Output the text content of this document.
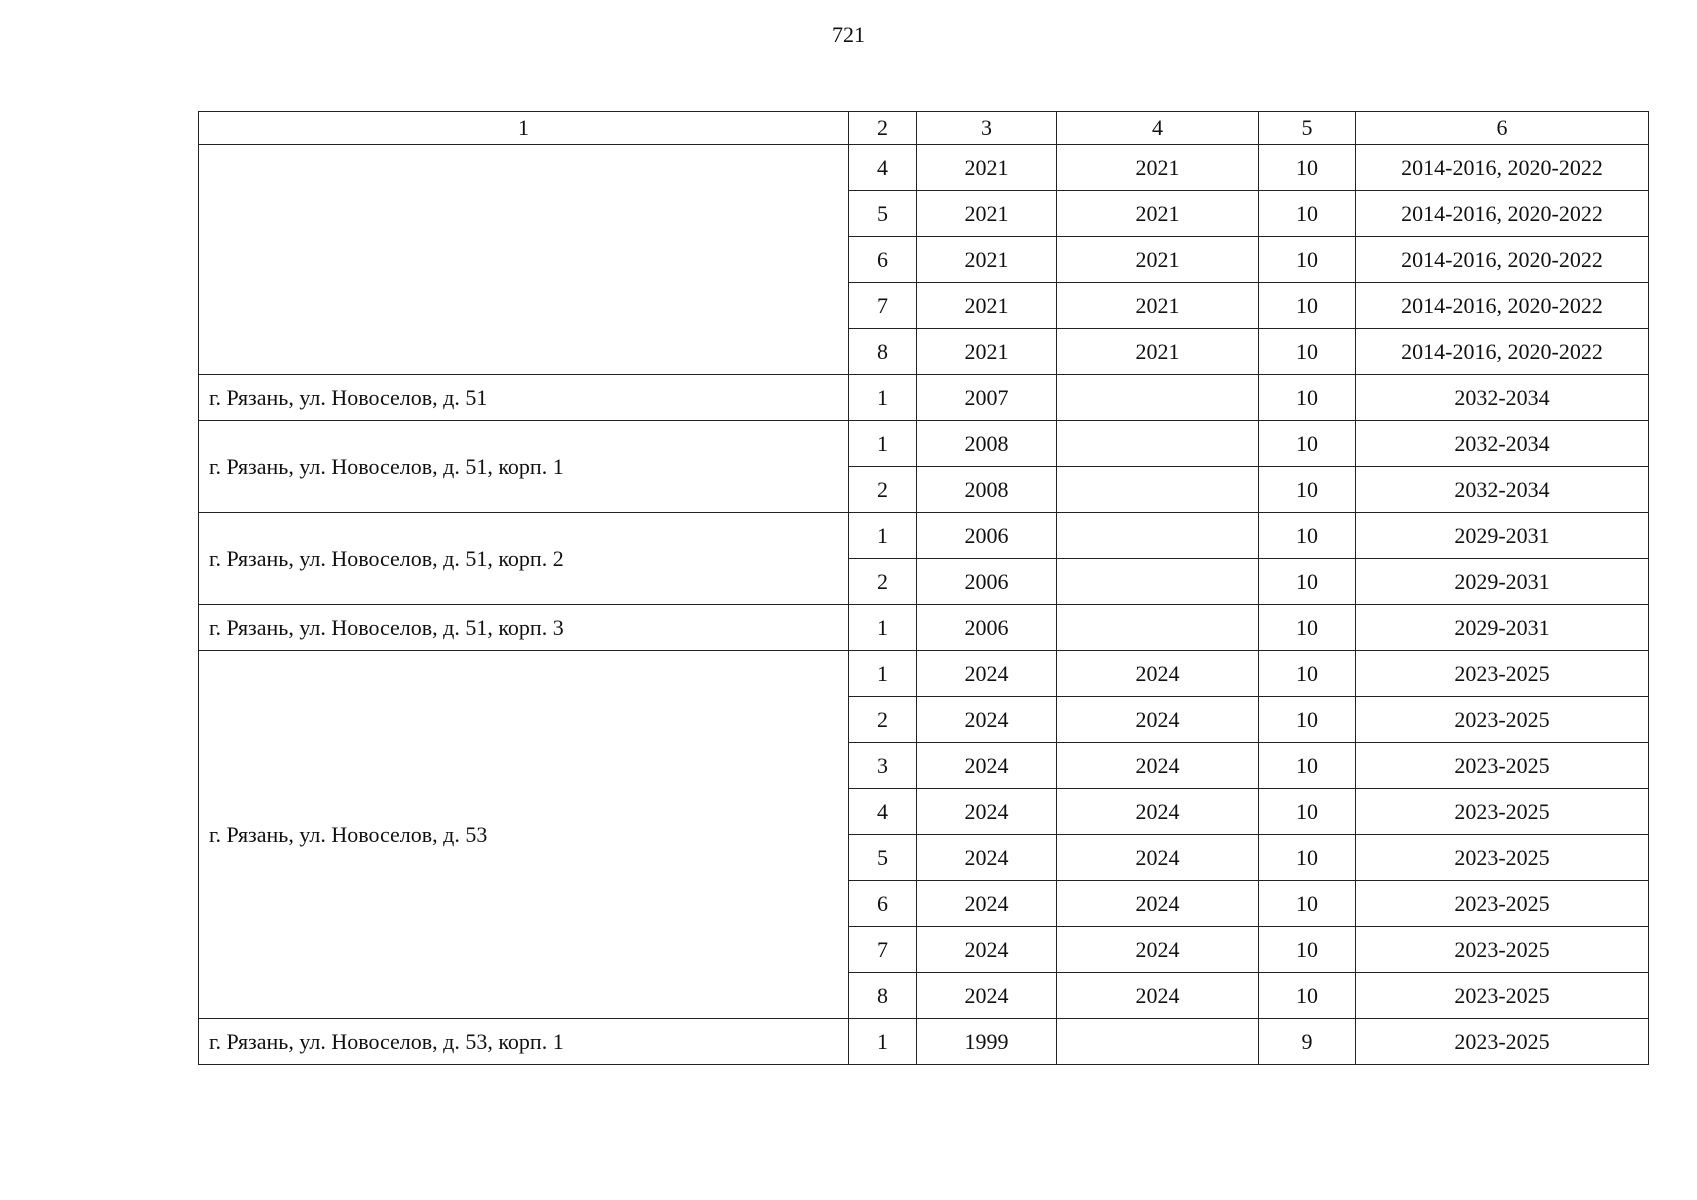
721
1	2	3	4	5	6
	4	2021	2021	10	2014-2016, 2020-2022
	5	2021	2021	10	2014-2016, 2020-2022
	6	2021	2021	10	2014-2016, 2020-2022
	7	2021	2021	10	2014-2016, 2020-2022
	8	2021	2021	10	2014-2016, 2020-2022
г. Рязань, ул. Новоселов, д. 51	1	2007		10	2032-2034
г. Рязань, ул. Новоселов, д. 51, корп. 1	1	2008		10	2032-2034
	2	2008		10	2032-2034
г. Рязань, ул. Новоселов, д. 51, корп. 2	1	2006		10	2029-2031
	2	2006		10	2029-2031
г. Рязань, ул. Новоселов, д. 51, корп. 3	1	2006		10	2029-2031
г. Рязань, ул. Новоселов, д. 53	1	2024	2024	10	2023-2025
	2	2024	2024	10	2023-2025
	3	2024	2024	10	2023-2025
	4	2024	2024	10	2023-2025
	5	2024	2024	10	2023-2025
	6	2024	2024	10	2023-2025
	7	2024	2024	10	2023-2025
	8	2024	2024	10	2023-2025
г. Рязань, ул. Новоселов, д. 53, корп. 1	1	1999		9	2023-2025
